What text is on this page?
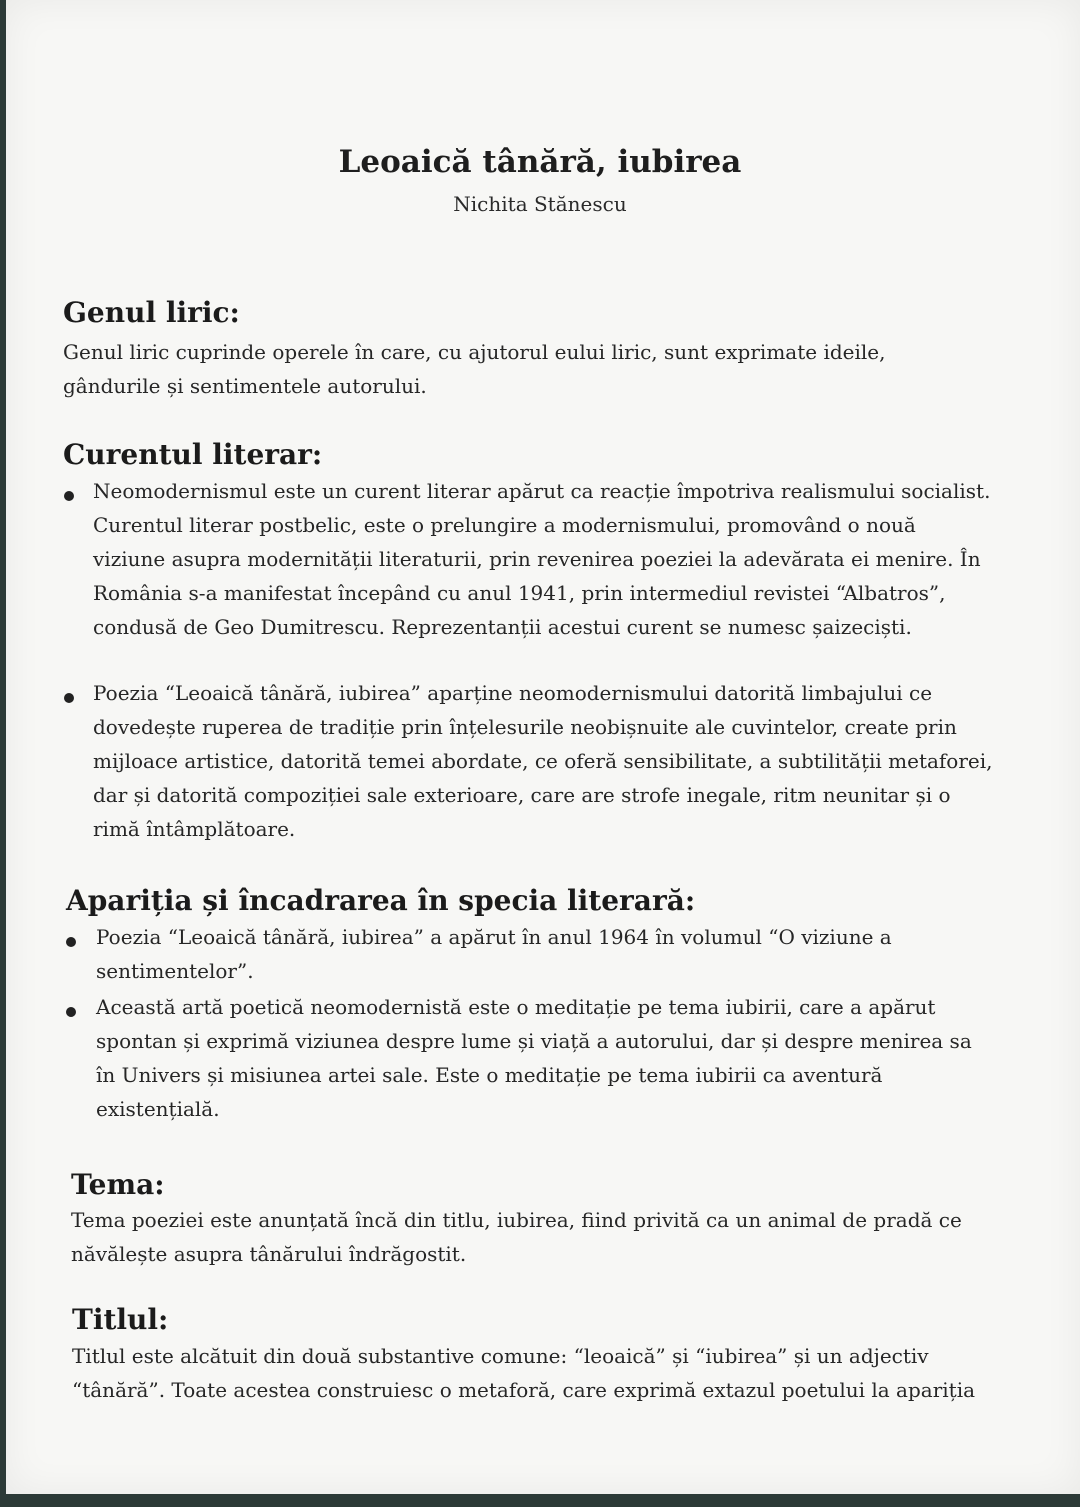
Leoaică tânără, iubirea
Nichita Stănescu
Genul liric:
Genul liric cuprinde operele în care, cu ajutorul eului liric, sunt exprimate ideile, gândurile și sentimentele autorului.
Curentul literar:
Neomodernismul este un curent literar apărut ca reacție împotriva realismului socialist. Curentul literar postbelic, este o prelungire a modernismului, promovând o nouă viziune asupra modernității literaturii, prin revenirea poeziei la adevărata ei menire. În România s-a manifestat începând cu anul 1941, prin intermediul revistei “Albatros”, condusă de Geo Dumitrescu. Reprezentanții acestui curent se numesc șaizeciști.
Poezia “Leoaică tânără, iubirea” aparține neomodernismului datorită limbajului ce dovedește ruperea de tradiție prin înțelesurile neobișnuite ale cuvintelor, create prin mijloace artistice, datorită temei abordate, ce oferă sensibilitate, a subtilității metaforei, dar și datorită compoziției sale exterioare, care are strofe inegale, ritm neunitar și o rimă întâmplătoare.
Apariția și încadrarea în specia literară:
Poezia “Leoaică tânără, iubirea” a apărut în anul 1964 în volumul “O viziune a sentimentelor”.
Această artă poetică neomodernistă este o meditație pe tema iubirii, care a apărut spontan și exprimă viziunea despre lume și viață a autorului, dar și despre menirea sa în Univers și misiunea artei sale. Este o meditație pe tema iubirii ca aventură existențială.
Tema:
Tema poeziei este anunțată încă din titlu, iubirea, fiind privită ca un animal de pradă ce năvălește asupra tânărului îndrăgostit.
Titlul:
Titlul este alcătuit din două substantive comune: “leoaică” și “iubirea” și un adjectiv “tânără”. Toate acestea construiesc o metaforă, care exprimă extazul poetului la apariția
